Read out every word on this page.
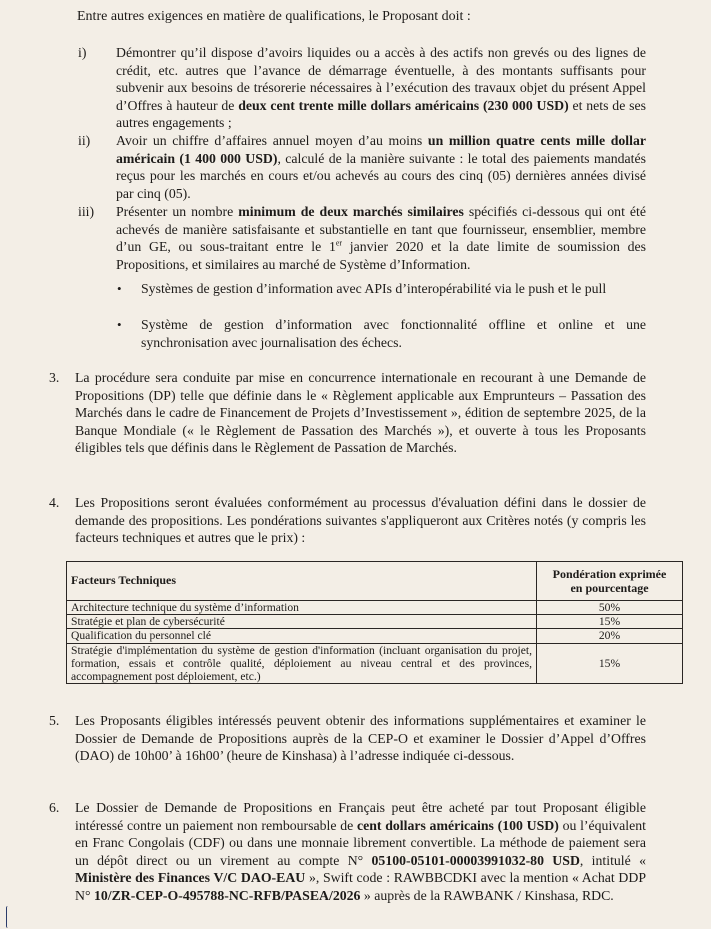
Entre autres exigences en matière de qualifications, le Proposant doit :
i) Démontrer qu’il dispose d’avoirs liquides ou a accès à des actifs non grevés ou des lignes de crédit, etc. autres que l’avance de démarrage éventuelle, à des montants suffisants pour subvenir aux besoins de trésorerie nécessaires à l’exécution des travaux objet du présent Appel d’Offres à hauteur de deux cent trente mille dollars américains (230 000 USD) et nets de ses autres engagements ;
ii) Avoir un chiffre d’affaires annuel moyen d’au moins un million quatre cents mille dollar américain (1 400 000 USD), calculé de la manière suivante : le total des paiements mandatés reçus pour les marchés en cours et/ou achevés au cours des cinq (05) dernières années divisé par cinq (05).
iii) Présenter un nombre minimum de deux marchés similaires spécifiés ci-dessous qui ont été achevés de manière satisfaisante et substantielle en tant que fournisseur, ensemblier, membre d’un GE, ou sous-traitant entre le 1er janvier 2020 et la date limite de soumission des Propositions, et similaires au marché de Système d’Information.
• Systèmes de gestion d’information avec APIs d’interopérabilité via le push et le pull
• Système de gestion d’information avec fonctionnalité offline et online et une synchronisation avec journalisation des échecs.
3. La procédure sera conduite par mise en concurrence internationale en recourant à une Demande de Propositions (DP) telle que définie dans le « Règlement applicable aux Emprunteurs – Passation des Marchés dans le cadre de Financement de Projets d’Investissement », édition de septembre 2025, de la Banque Mondiale (« le Règlement de Passation des Marchés »), et ouverte à tous les Proposants éligibles tels que définis dans le Règlement de Passation de Marchés.
4. Les Propositions seront évaluées conformément au processus d'évaluation défini dans le dossier de demande des propositions. Les pondérations suivantes s'appliqueront aux Critères notés (y compris les facteurs techniques et autres que le prix) :
Facteurs Techniques	Pondération exprimée
en pourcentage
Architecture technique du système d’information	50%
Stratégie et plan de cybersécurité	15%
Qualification du personnel clé	20%
Stratégie d'implémentation du système de gestion d'information (incluant organisation du projet, formation, essais et contrôle qualité, déploiement au niveau central et des provinces, accompagnement post déploiement, etc.)	15%
5. Les Proposants éligibles intéressés peuvent obtenir des informations supplémentaires et examiner le Dossier de Demande de Propositions auprès de la CEP-O et examiner le Dossier d’Appel d’Offres (DAO) de 10h00’ à 16h00’ (heure de Kinshasa) à l’adresse indiquée ci-dessous.
6. Le Dossier de Demande de Propositions en Français peut être acheté par tout Proposant éligible intéressé contre un paiement non remboursable de cent dollars américains (100 USD) ou l’équivalent en Franc Congolais (CDF) ou dans une monnaie librement convertible. La méthode de paiement sera un dépôt direct ou un virement au compte N° 05100-05101-00003991032-80 USD, intitulé « Ministère des Finances V/C DAO-EAU », Swift code : RAWBBCDKI avec la mention « Achat DDP N° 10/ZR-CEP-O-495788-NC-RFB/PASEA/2026 » auprès de la RAWBANK / Kinshasa, RDC.
